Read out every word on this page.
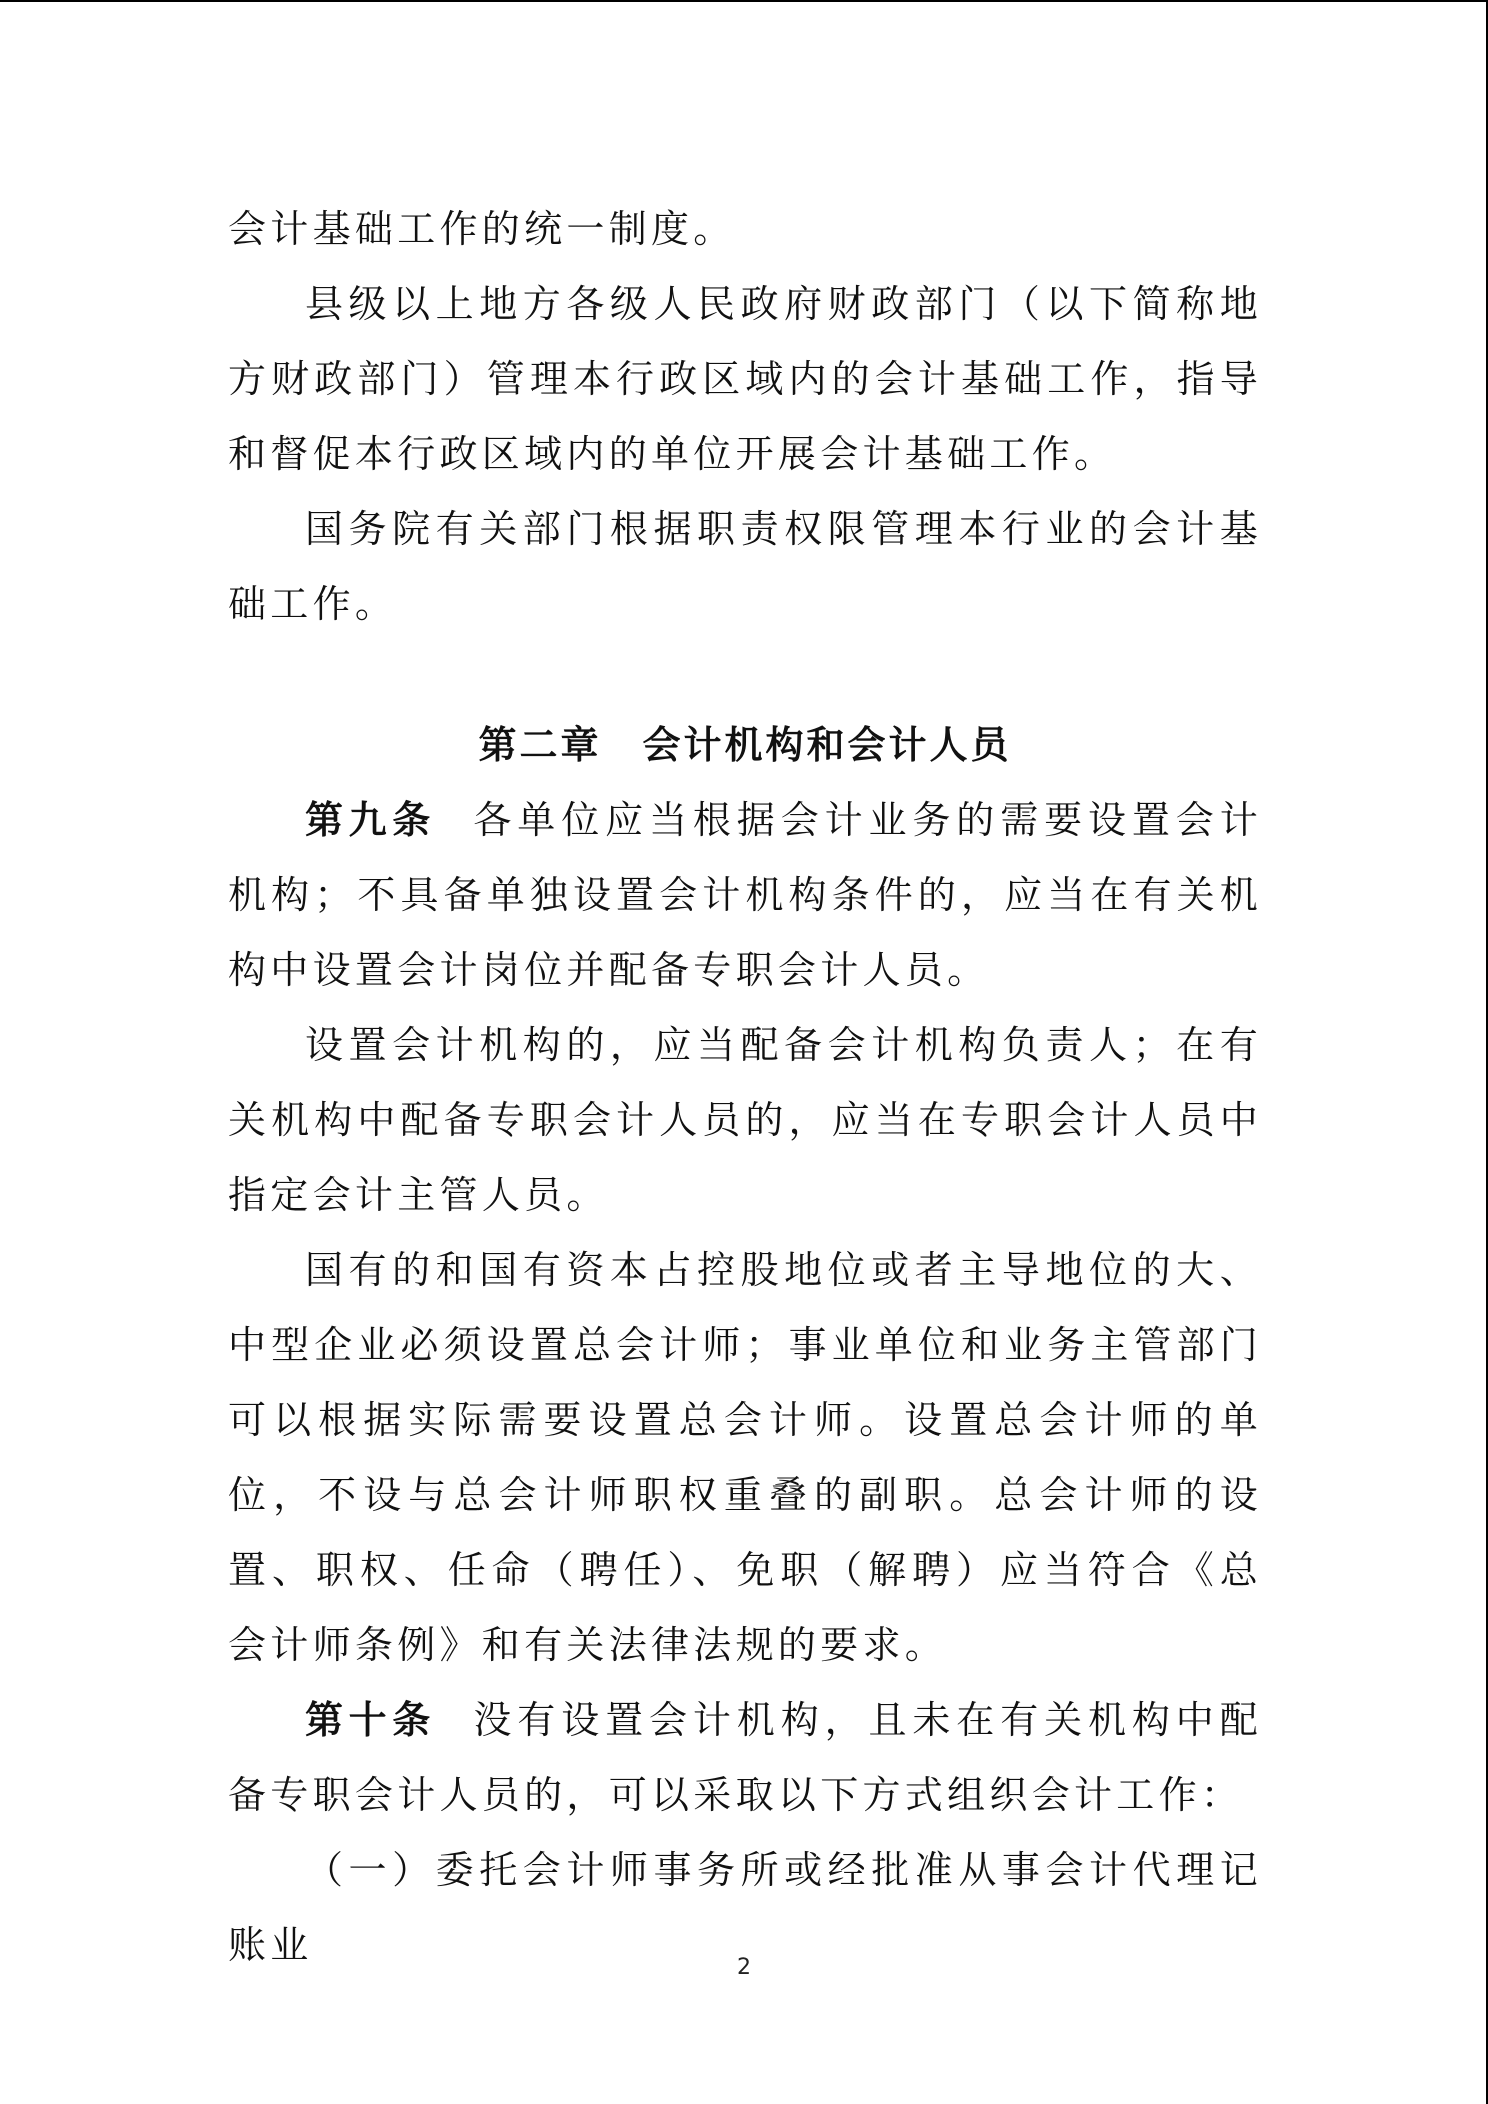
会计基础工作的统一制度。

县级以上地方各级人民政府财政部门（以下简称地方财政部门）管理本行政区域内的会计基础工作，指导和督促本行政区域内的单位开展会计基础工作。

国务院有关部门根据职责权限管理本行业的会计基础工作。

第二章　会计机构和会计人员

第九条 各单位应当根据会计业务的需要设置会计机构；不具备单独设置会计机构条件的，应当在有关机构中设置会计岗位并配备专职会计人员。

设置会计机构的，应当配备会计机构负责人；在有关机构中配备专职会计人员的，应当在专职会计人员中指定会计主管人员。

国有的和国有资本占控股地位或者主导地位的大、中型企业必须设置总会计师；事业单位和业务主管部门可以根据实际需要设置总会计师。设置总会计师的单位，不设与总会计师职权重叠的副职。总会计师的设置、职权、任命（聘任）、免职（解聘）应当符合《总会计师条例》和有关法律法规的要求。

第十条 没有设置会计机构，且未在有关机构中配备专职会计人员的，可以采取以下方式组织会计工作：

（一）委托会计师事务所或经批准从事会计代理记账业

2
